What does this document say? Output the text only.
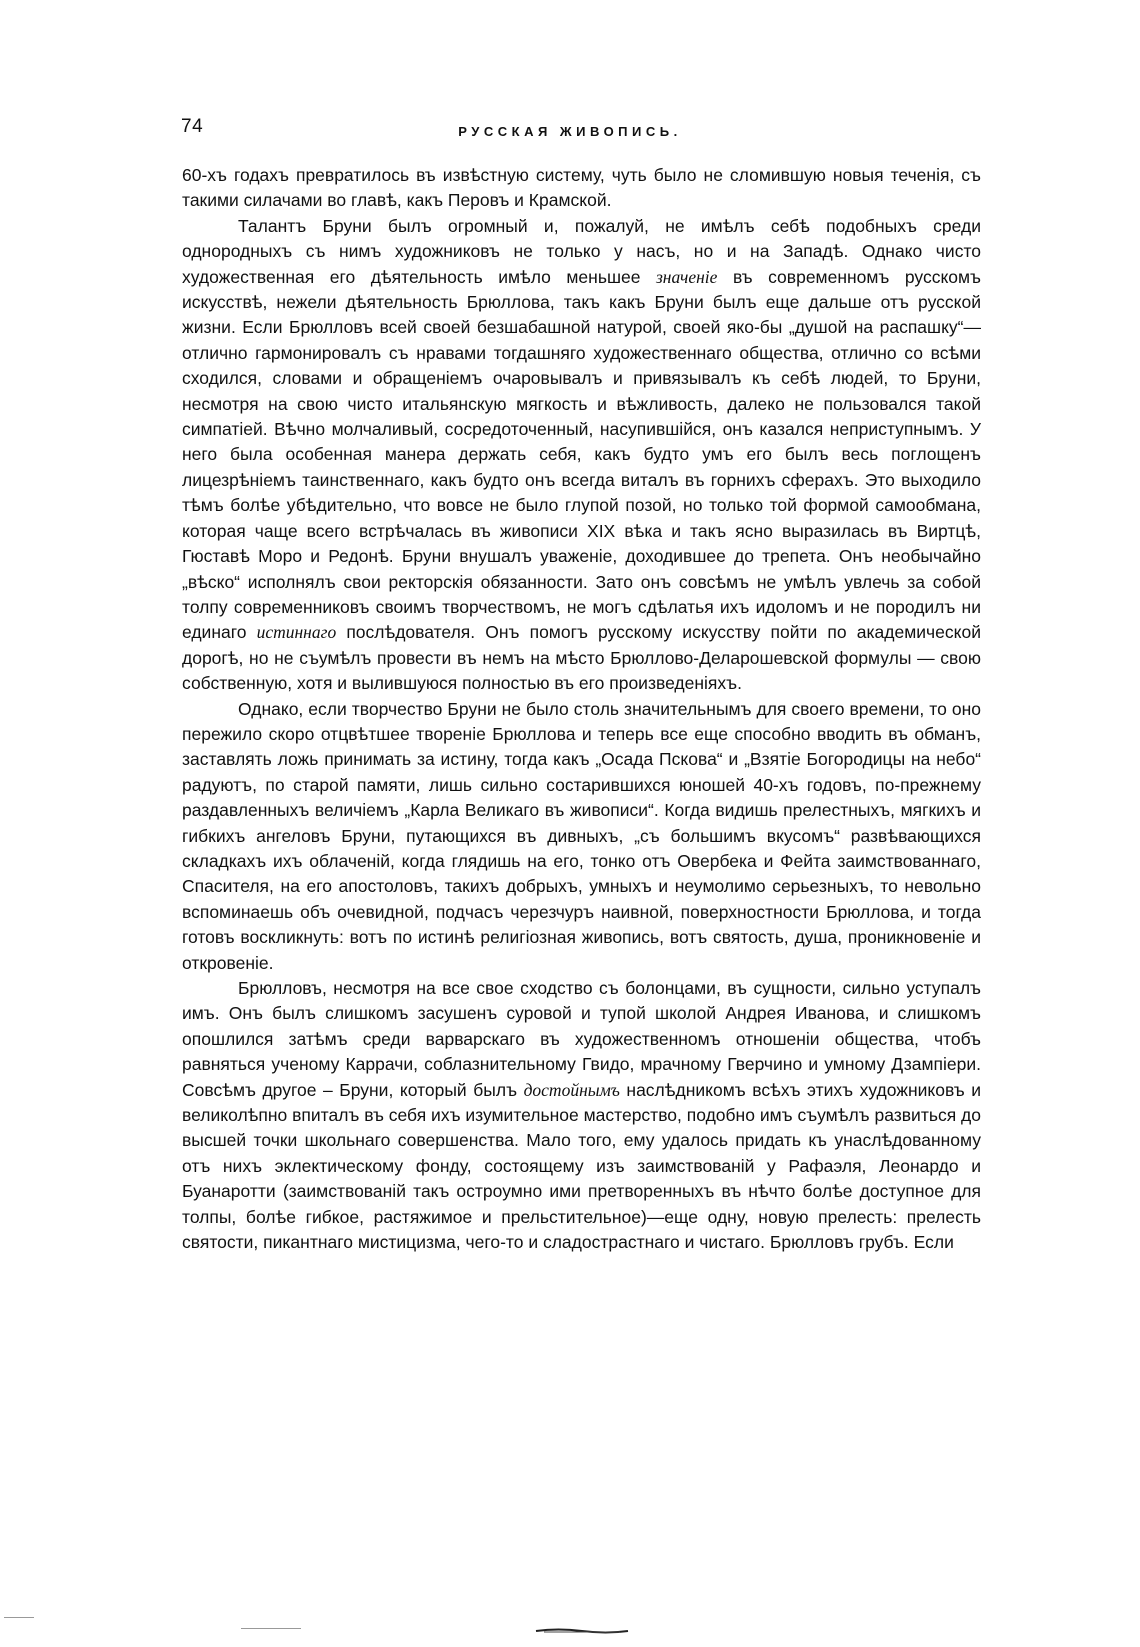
74	РУССКАЯ ЖИВОПИСЬ.

60-хъ годахъ превратилось въ извѣстную систему, чуть было не сломившую новыя теченія, съ такими силачами во главѣ, какъ Перовъ и Крамской.

Талантъ Бруни былъ огромный и, пожалуй, не имѣлъ себѣ подобныхъ среди однородныхъ съ нимъ художниковъ не только у насъ, но и на Западѣ. Однако чисто художественная его дѣятельность имѣло меньшее значеніе въ современномъ русскомъ искусствѣ, нежели дѣятельность Брюллова, такъ какъ Бруни былъ еще дальше отъ русской жизни. Если Брюлловъ всей своей безшабашной натурой, своей яко-бы „душой на распашку“—отлично гармонировалъ съ нравами тогдашняго художественнаго общества, отлично со всѣми сходился, словами и обращеніемъ очаровывалъ и привязывалъ къ себѣ людей, то Бруни, несмотря на свою чисто итальянскую мягкость и вѣжливость, далеко не пользовался такой симпатіей. Вѣчно молчаливый, сосредоточенный, насупившійся, онъ казался неприступнымъ. У него была особенная манера держать себя, какъ будто умъ его былъ весь поглощенъ лицезрѣніемъ таинственнаго, какъ будто онъ всегда виталъ въ горнихъ сферахъ. Это выходило тѣмъ болѣе убѣдительно, что вовсе не было глупой позой, но только той формой самообмана, которая чаще всего встрѣчалась въ живописи XIX вѣка и такъ ясно выразилась въ Виртцѣ, Гюставѣ Моро и Редонѣ. Бруни внушалъ уваженіе, доходившее до трепета. Онъ необычайно „вѣско“ исполнялъ свои ректорскія обязанности. Зато онъ совсѣмъ не умѣлъ увлечь за собой толпу современниковъ своимъ творчествомъ, не могъ сдѣлатья ихъ идоломъ и не породилъ ни единаго истиннаго послѣдователя. Онъ помогъ русскому искусству пойти по академической дорогѣ, но не съумѣлъ провести въ немъ на мѣсто Брюллово-Деларошевской формулы — свою собственную, хотя и вылившуюся полностью въ его произведеніяхъ.

Однако, если творчество Бруни не было столь значительнымъ для своего времени, то оно пережило скоро отцвѣтшее твореніе Брюллова и теперь все еще способно вводить въ обманъ, заставлять ложь принимать за истину, тогда какъ „Осада Пскова“ и „Взятіе Богородицы на небо“ радуютъ, по старой памяти, лишь сильно состарившихся юношей 40-хъ годовъ, по-прежнему раздавленныхъ величіемъ „Карла Великаго въ живописи“. Когда видишь прелестныхъ, мягкихъ и гибкихъ ангеловъ Бруни, путающихся въ дивныхъ, „съ большимъ вкусомъ“ развѣвающихся складкахъ ихъ облаченій, когда глядишь на его, тонко отъ Овербека и Фейта заимствованнаго, Спасителя, на его апостоловъ, такихъ добрыхъ, умныхъ и неумолимо серьезныхъ, то невольно вспоминаешь объ очевидной, подчасъ черезчуръ наивной, поверхностности Брюллова, и тогда готовъ воскликнуть: вотъ по истинѣ религіозная живопись, вотъ святость, душа, проникновеніе и откровеніе.

Брюлловъ, несмотря на все свое сходство съ болонцами, въ сущности, сильно уступалъ имъ. Онъ былъ слишкомъ засушенъ суровой и тупой школой Андрея Иванова, и слишкомъ опошлился затѣмъ среди варварскаго въ художественномъ отношеніи общества, чтобъ равняться ученому Каррачи, соблазнительному Гвидо, мрачному Гверчино и умному Дзампіери. Совсѣмъ другое – Бруни, который былъ достойнымъ наслѣдникомъ всѣхъ этихъ художниковъ и великолѣпно впиталъ въ себя ихъ изумительное мастерство, подобно имъ съумѣлъ развиться до высшей точки школьнаго совершенства. Мало того, ему удалось придать къ унаслѣдованному отъ нихъ эклектическому фонду, состоящему изъ заимствованій у Рафаэля, Леонардо и Буанаротти (заимствованій такъ остроумно ими претворенныхъ въ нѣчто болѣе доступное для толпы, болѣе гибкое, растяжимое и прельстительное)—еще одну, новую прелесть: прелесть святости, пикантнаго мистицизма, чего-то и сладострастнаго и чистаго. Брюлловъ грубъ. Если
